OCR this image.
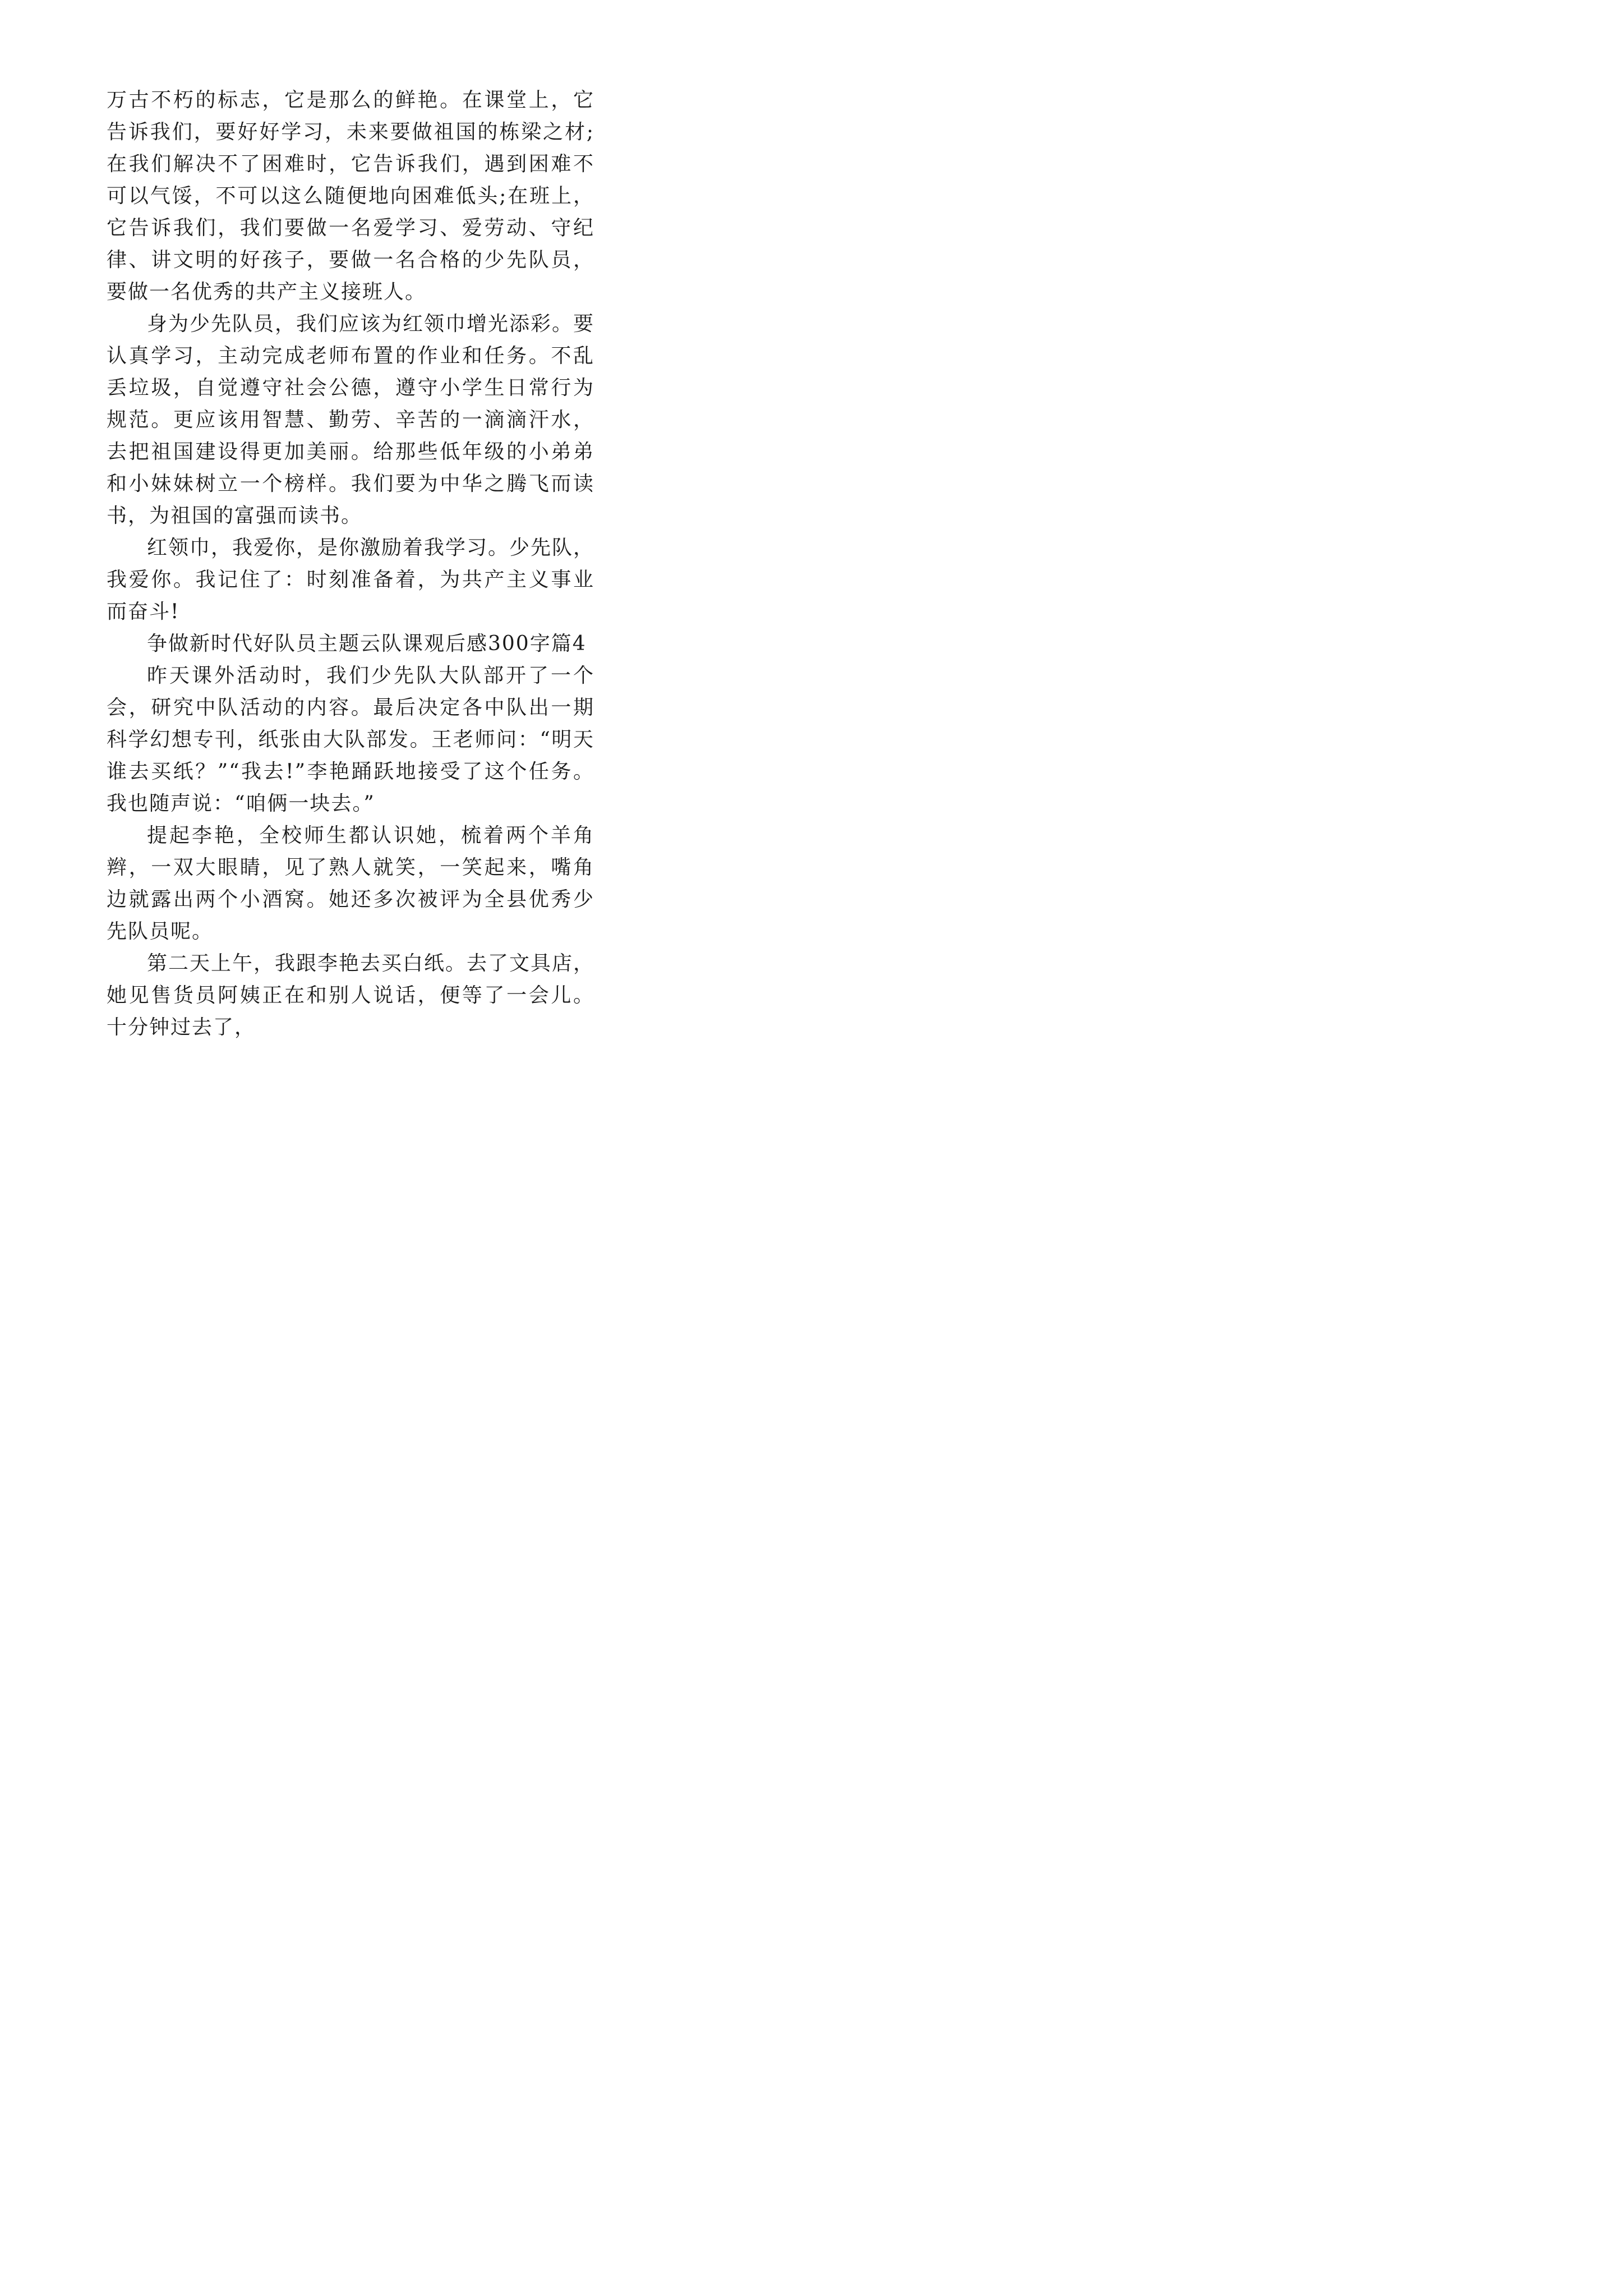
万古不朽的标志，它是那么的鲜艳。在课堂上，它告诉我们，要好好学习，未来要做祖国的栋梁之材;在我们解决不了困难时，它告诉我们，遇到困难不可以气馁，不可以这么随便地向困难低头;在班上，它告诉我们，我们要做一名爱学习、爱劳动、守纪律、讲文明的好孩子，要做一名合格的少先队员，要做一名优秀的共产主义接班人。

身为少先队员，我们应该为红领巾增光添彩。要认真学习，主动完成老师布置的作业和任务。不乱丢垃圾，自觉遵守社会公德，遵守小学生日常行为规范。更应该用智慧、勤劳、辛苦的一滴滴汗水，去把祖国建设得更加美丽。给那些低年级的小弟弟和小妹妹树立一个榜样。我们要为中华之腾飞而读书，为祖国的富强而读书。

红领巾，我爱你，是你激励着我学习。少先队，我爱你。我记住了：时刻准备着，为共产主义事业而奋斗!

争做新时代好队员主题云队课观后感300字篇4

昨天课外活动时，我们少先队大队部开了一个会，研究中队活动的内容。最后决定各中队出一期科学幻想专刊，纸张由大队部发。王老师问：“明天谁去买纸？”“我去!”李艳踊跃地接受了这个任务。我也随声说：“咱俩一块去。”

提起李艳，全校师生都认识她，梳着两个羊角辫，一双大眼睛，见了熟人就笑，一笑起来，嘴角边就露出两个小酒窝。她还多次被评为全县优秀少先队员呢。

第二天上午，我跟李艳去买白纸。去了文具店，她见售货员阿姨正在和别人说话，便等了一会儿。十分钟过去了，
